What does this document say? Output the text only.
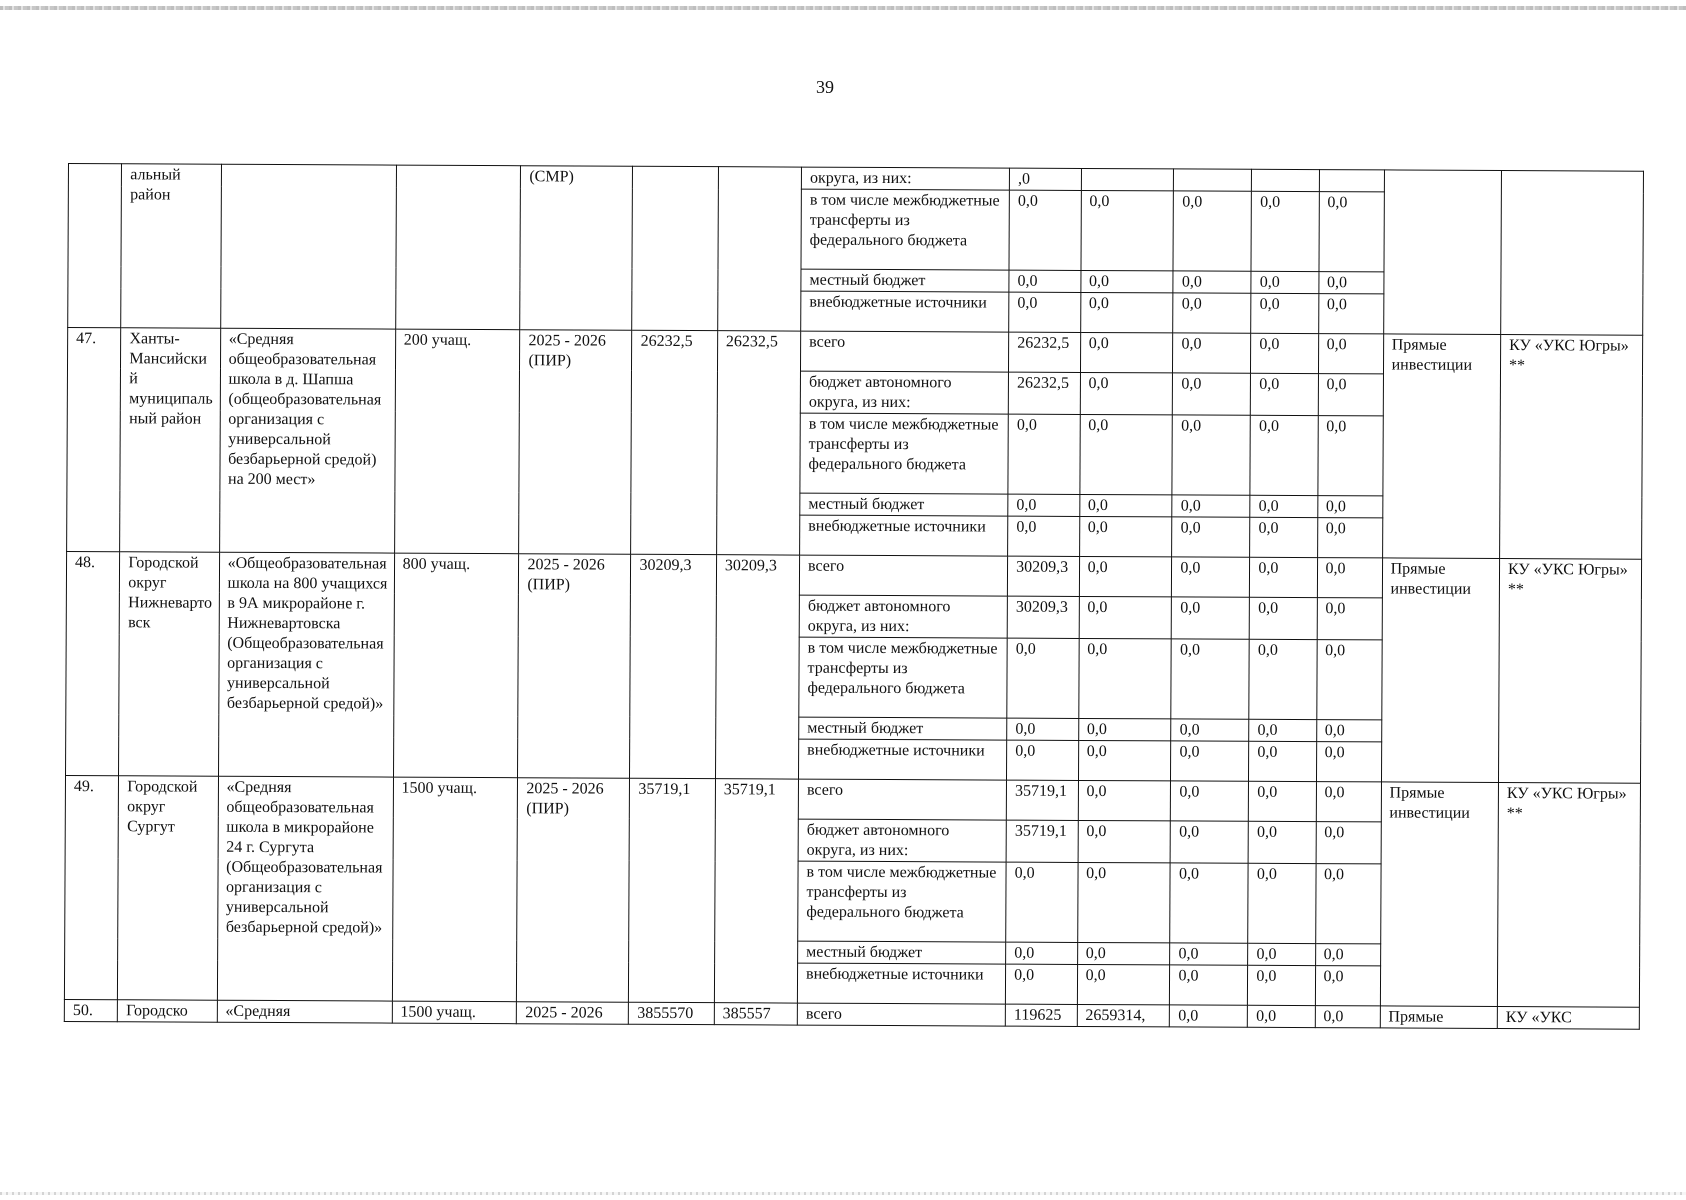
39
	альный район			(СМР)			округа, из них:	,0						
							в том числе межбюджетные трансферты из федерального бюджета	0,0	0,0	0,0	0,0	0,0		
							местный бюджет	0,0	0,0	0,0	0,0	0,0		
							внебюджетные источники	0,0	0,0	0,0	0,0	0,0		
47.	Ханты-Мансийский муниципальный район	«Средняя общеобразовательная школа в д. Шапша (общеобразовательная организация с универсальной безбарьерной средой) на 200 мест»	200 учащ.	2025 - 2026 (ПИР)	26232,5	26232,5	всего	26232,5	0,0	0,0	0,0	0,0	Прямые инвестиции	КУ «УКС Югры» **
							бюджет автономного округа, из них:	26232,5	0,0	0,0	0,0	0,0		
							в том числе межбюджетные трансферты из федерального бюджета	0,0	0,0	0,0	0,0	0,0		
							местный бюджет	0,0	0,0	0,0	0,0	0,0		
							внебюджетные источники	0,0	0,0	0,0	0,0	0,0		
48.	Городской округ Нижневартовск	«Общеобразовательная школа на 800 учащихся в 9А микрорайоне г. Нижневартовска (Общеобразовательная организация с универсальной безбарьерной средой)»	800 учащ.	2025 - 2026 (ПИР)	30209,3	30209,3	всего	30209,3	0,0	0,0	0,0	0,0	Прямые инвестиции	КУ «УКС Югры» **
							бюджет автономного округа, из них:	30209,3	0,0	0,0	0,0	0,0		
							в том числе межбюджетные трансферты из федерального бюджета	0,0	0,0	0,0	0,0	0,0		
							местный бюджет	0,0	0,0	0,0	0,0	0,0		
							внебюджетные источники	0,0	0,0	0,0	0,0	0,0		
49.	Городской округ Сургут	«Средняя общеобразовательная школа в микрорайоне 24 г. Сургута (Общеобразовательная организация с универсальной безбарьерной средой)»	1500 учащ.	2025 - 2026 (ПИР)	35719,1	35719,1	всего	35719,1	0,0	0,0	0,0	0,0	Прямые инвестиции	КУ «УКС Югры» **
							бюджет автономного округа, из них:	35719,1	0,0	0,0	0,0	0,0		
							в том числе межбюджетные трансферты из федерального бюджета	0,0	0,0	0,0	0,0	0,0		
							местный бюджет	0,0	0,0	0,0	0,0	0,0		
							внебюджетные источники	0,0	0,0	0,0	0,0	0,0		
50.	Городско	«Средняя	1500 учащ.	2025 - 2026	3855570	385557	всего	119625	2659314,	0,0	0,0	0,0	Прямые	КУ «УКС
